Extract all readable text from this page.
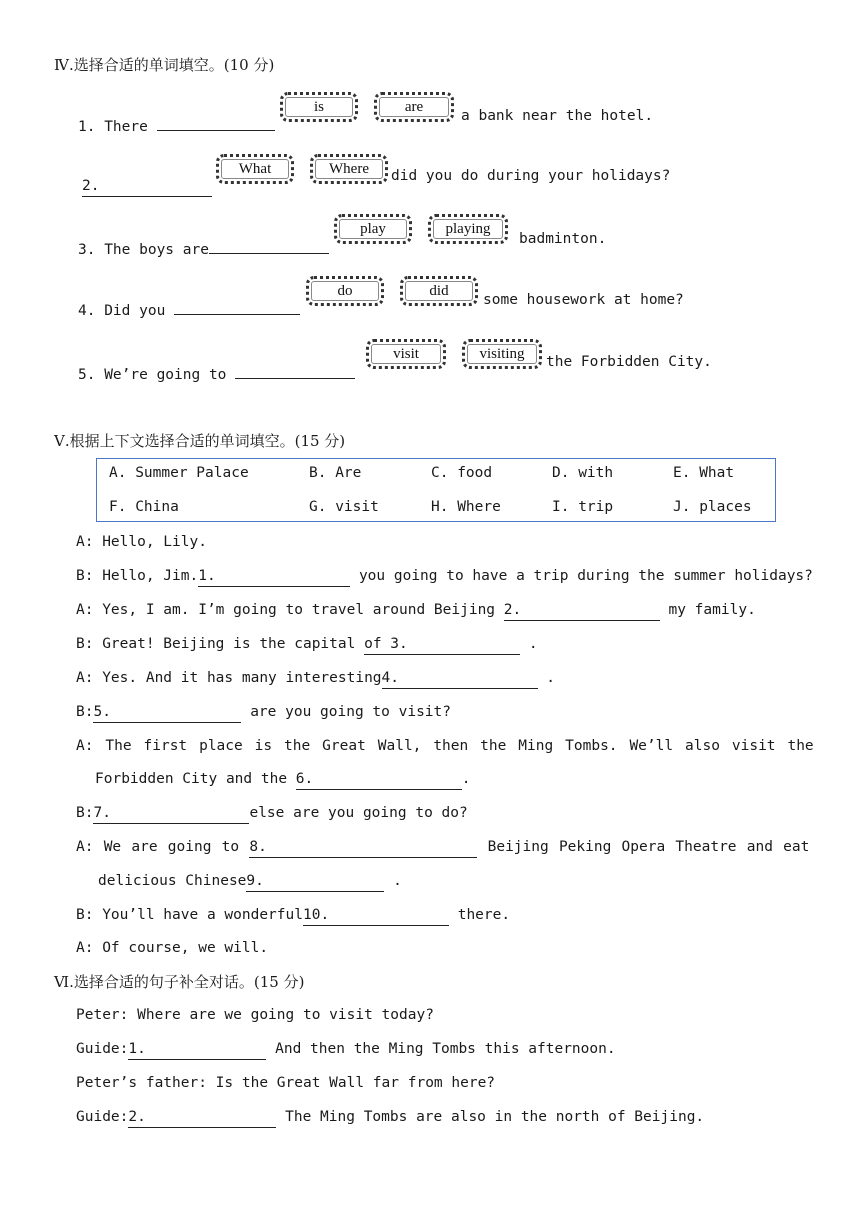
Ⅳ.选择合适的单词填空。(10 分)
1. There
is	are
a bank near the hotel.
2.
What	Where	did you do during your holidays?
3. The boys are
play	playing
badminton.
4. Did you
do	did
some housework at home?
5. We’re going to
visit	visiting
the Forbidden City.
Ⅴ.根据上下文选择合适的单词填空。(15 分)
A. Summer Palace	B. Are	C. food	D. with	E. What
F. China	G. visit	H. Where	I. trip	J. places
A: Hello, Lily.
B: Hello, Jim.1.	you going to have a trip during the summer holidays?
A: Yes, I am. I’m going to travel around Beijing 2.	my family.
B: Great! Beijing is the capital of 3.	.
A: Yes. And it has many interesting4.	.
B:5.	are you going to visit?
A: The first place is the Great Wall, then the Ming Tombs. We’ll also visit the
Forbidden City and the 6.	.
B:7.	else are you going to do?
A: We are going to 8.	Beijing Peking Opera Theatre and eat
delicious Chinese9.	.
B: You’ll have a wonderful10.	there.
A: Of course, we will.
Ⅵ.选择合适的句子补全对话。(15 分)
Peter: Where are we going to visit today?
Guide:1.	And then the Ming Tombs this afternoon.
Peter’s father: Is the Great Wall far from here?
Guide:2.	The Ming Tombs are also in the north of Beijing.
